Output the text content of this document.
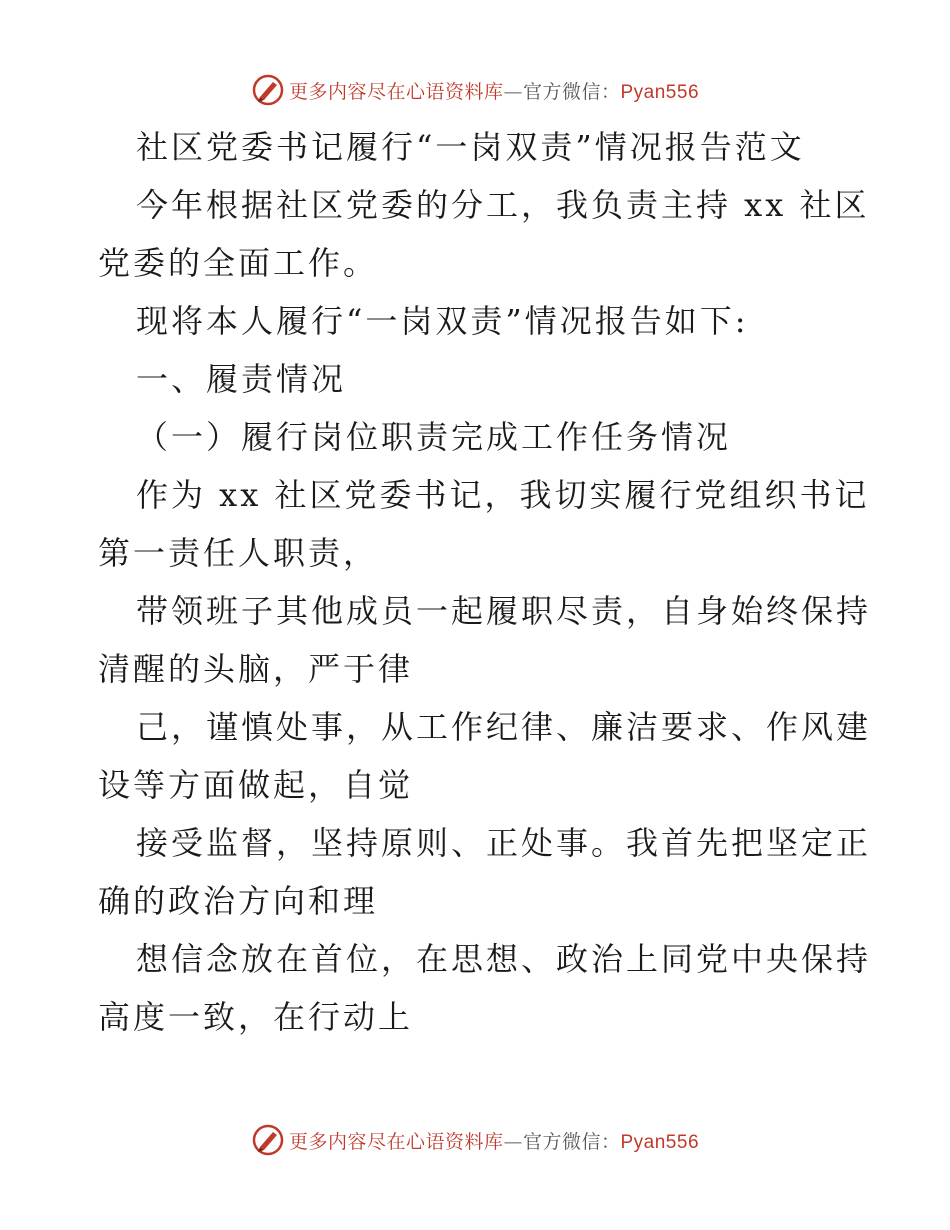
更多内容尽在心语资料库—官方微信：Pyan556
社区党委书记履行“一岗双责”情况报告范文
今年根据社区党委的分工，我负责主持 xx 社区
党委的全面工作。
现将本人履行“一岗双责”情况报告如下:
一、履责情况
（一）履行岗位职责完成工作任务情况
作为 xx 社区党委书记，我切实履行党组织书记
第一责任人职责，
带领班子其他成员一起履职尽责，自身始终保持
清醒的头脑，严于律
己，谨慎处事，从工作纪律、廉洁要求、作风建
设等方面做起，自觉
接受监督，坚持原则、正处事。我首先把坚定正
确的政治方向和理
想信念放在首位，在思想、政治上同党中央保持
高度一致，在行动上
更多内容尽在心语资料库—官方微信：Pyan556
